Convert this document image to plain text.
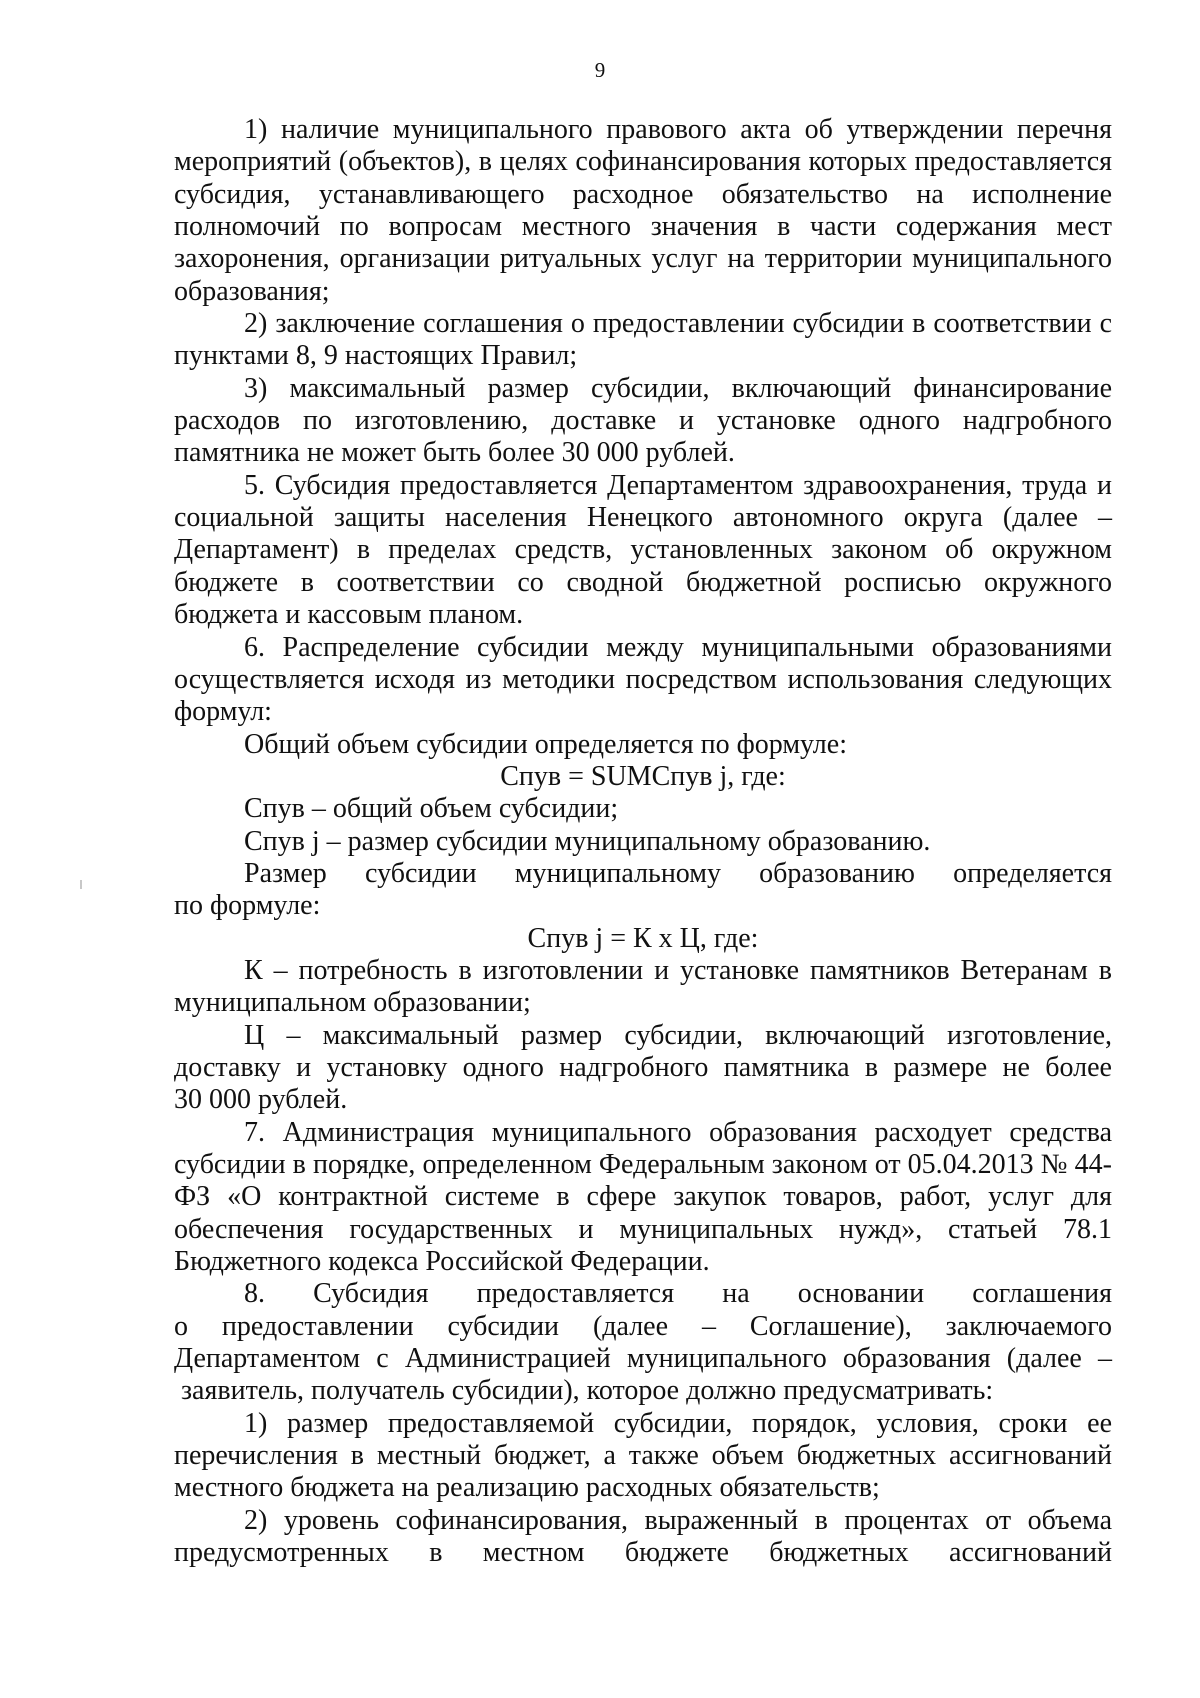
9

1) наличие муниципального правового акта об утверждении перечня мероприятий (объектов), в целях софинансирования которых предоставляется субсидия, устанавливающего расходное обязательство на исполнение полномочий по вопросам местного значения в части содержания мест захоронения, организации ритуальных услуг на территории муниципального образования;

2) заключение соглашения о предоставлении субсидии в соответствии с пунктами 8, 9 настоящих Правил;

3) максимальный размер субсидии, включающий финансирование расходов по изготовлению, доставке и установке одного надгробного памятника не может быть более 30 000 рублей.

5. Субсидия предоставляется Департаментом здравоохранения, труда и социальной защиты населения Ненецкого автономного округа (далее – Департамент) в пределах средств, установленных законом об окружном бюджете в соответствии со сводной бюджетной росписью окружного бюджета и кассовым планом.

6. Распределение субсидии между муниципальными образованиями осуществляется исходя из методики посредством использования следующих формул:

Общий объем субсидии определяется по формуле:

Спув = SUMСпув j, где:

Спув – общий объем субсидии;

Спув j – размер субсидии муниципальному образованию.

Размер субсидии муниципальному образованию определяется по формуле:

Спув j = К х Ц, где:

К – потребность в изготовлении и установке памятников Ветеранам в муниципальном образовании;

Ц – максимальный размер субсидии, включающий изготовление, доставку и установку одного надгробного памятника в размере не более 30 000 рублей.

7. Администрация муниципального образования расходует средства субсидии в порядке, определенном Федеральным законом от 05.04.2013 № 44-ФЗ «О контрактной системе в сфере закупок товаров, работ, услуг для обеспечения государственных и муниципальных нужд», статьей 78.1 Бюджетного кодекса Российской Федерации.

8. Субсидия предоставляется на основании соглашения о предоставлении субсидии (далее – Соглашение), заключаемого Департаментом с Администрацией муниципального образования (далее – заявитель, получатель субсидии), которое должно предусматривать:

1) размер предоставляемой субсидии, порядок, условия, сроки ее перечисления в местный бюджет, а также объем бюджетных ассигнований местного бюджета на реализацию расходных обязательств;

2) уровень софинансирования, выраженный в процентах от объема предусмотренных в местном бюджете бюджетных ассигнований
